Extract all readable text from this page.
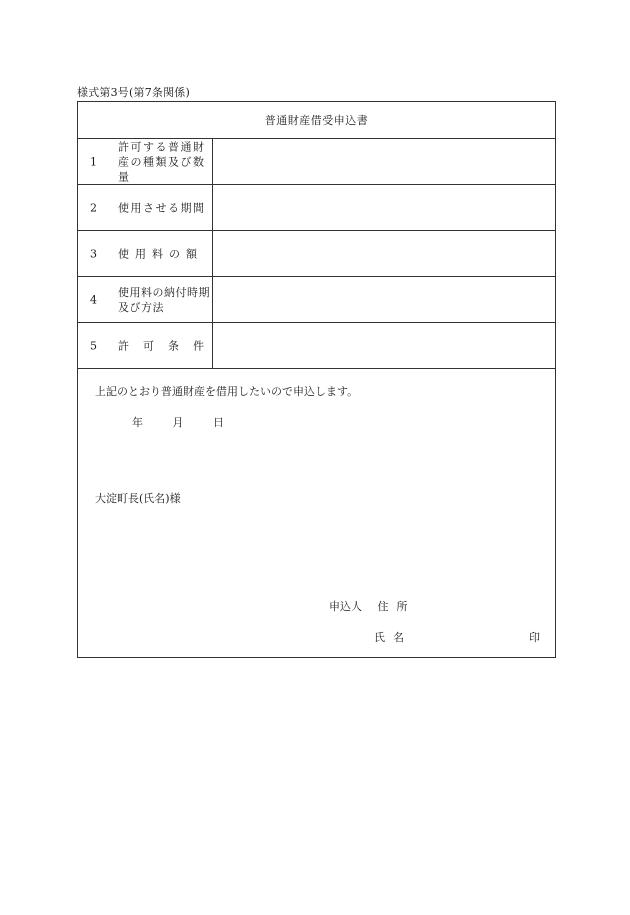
様式第3号(第7条関係)
普通財産借受申込書
1
許可する普通財産の種類及び数量
2 使用させる期間
3 使用料の額
4
使用料の納付時期及び方法
5 許可条件
上記のとおり普通財産を借用したいので申込します。
年	月	日
大淀町長(氏名)様
申込人 住所
氏名	印
